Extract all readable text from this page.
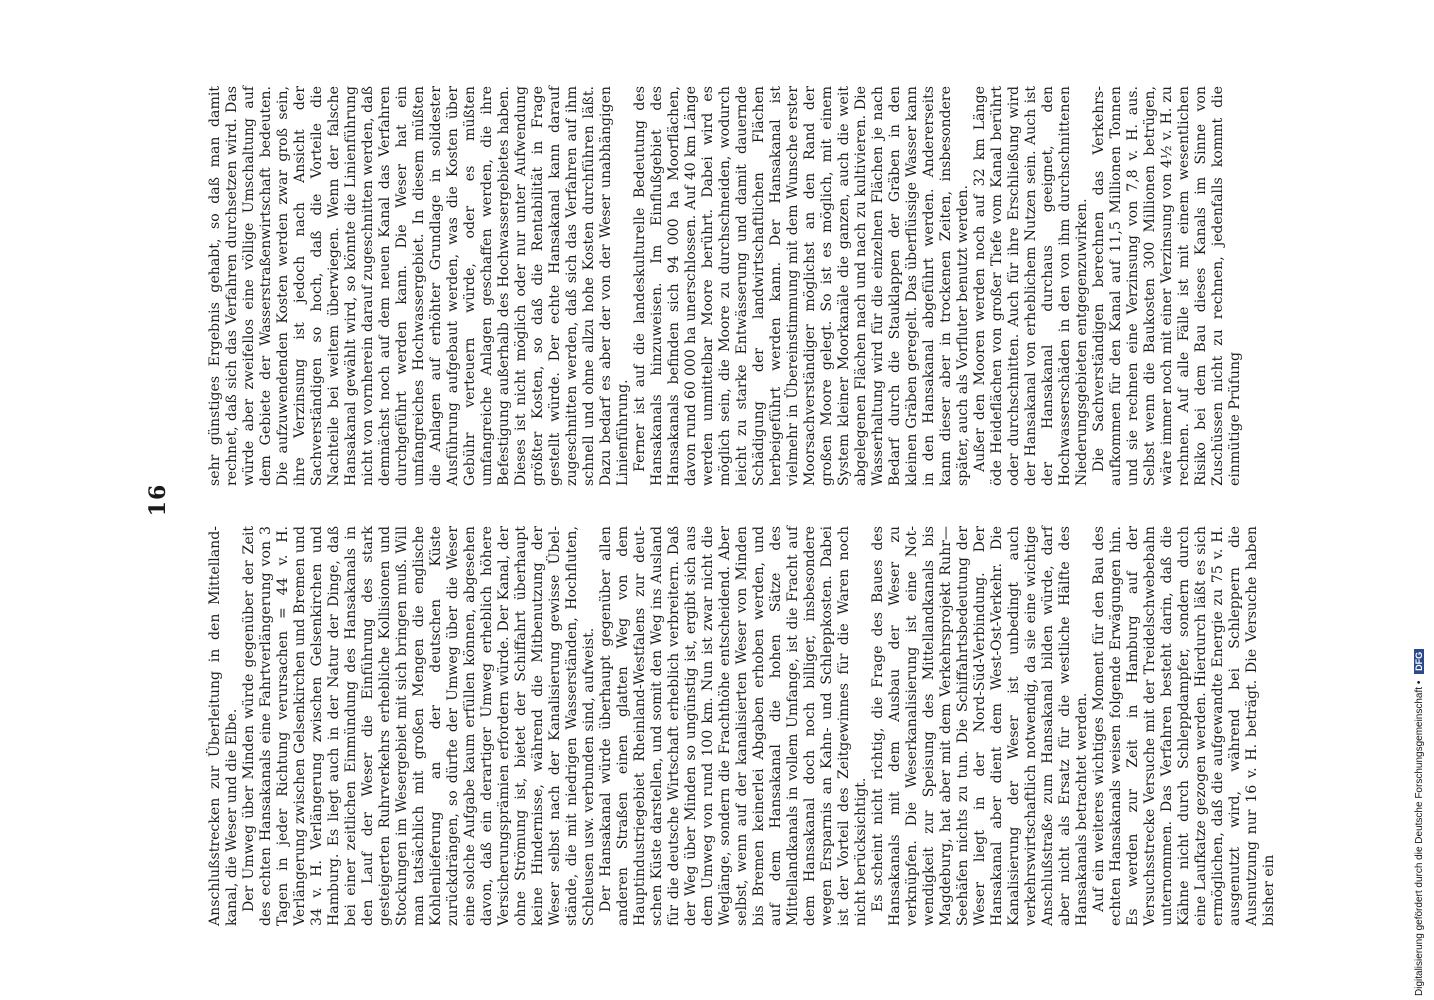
16

Anschlußstrecken zur Überleitung in den Mittellandkanal, die Weser und die Elbe. Der Umweg über Minden würde gegenüber der Zeit des echten Hansakanals eine Fahrtverlängerung von 3 Tagen in jeder Richtung verursachen = 44 v. H. Verlängerung zwischen Gelsenkirchen und Bremen und 34 v. H. Verlängerung zwischen Gelsenkirchen und Hamburg. Es liegt auch in der Natur der Dinge, daß bei einer zeitlichen Einmündung des Hansakanals in den Lauf der Weser die Einführung des stark gesteigerten Ruhrverkehrs erhebliche Kollisionen und Stockungen im Wesergebiet mit sich bringen muß. Will man tatsächlich mit großen Mengen die englische Kohlenlieferung an der deutschen Küste zurückdrängen, so dürfte der Umweg über die Weser eine solche Aufgabe kaum erfüllen können, abgesehen davon, daß ein derartiger Umweg erheblich höhere Versicherungsprämien erfordern würde. Der Kanal, der ohne Strömung ist, bietet der Schiffahrt überhaupt keine Hindernisse, während die Mitbenutzung der Weser selbst nach der Kanalisierung gewisse Übelstände, die mit niedrigen Wasserständen, Hochfluten, Schleusen usw. verbunden sind, aufweist. Der Hansakanal würde überhaupt gegenüber allen anderen Straßen einen glatten Weg von dem Hauptindustriegebiet Rheinland-Westfalens zur deutschen Küste darstellen, und somit den Weg ins Ausland für die deutsche Wirtschaft erheblich verbreitern. Daß der Weg über Minden so ungünstig ist, ergibt sich aus dem Umweg von rund 100 km. Nun ist zwar nicht die Weglänge, sondern die Frachthöhe entscheidend. Aber selbst, wenn auf der kanalisierten Weser von Minden bis Bremen keinerlei Abgaben erhoben werden, und auf dem Hansakanal die hohen Sätze des Mittellandkanals in vollem Umfange, ist die Fracht auf dem Hansakanal doch noch billiger, insbesondere wegen Ersparnis an Kahn- und Schleppkosten. Dabei ist der Vorteil des Zeitgewinnes für die Waren noch nicht berücksichtigt. Es scheint nicht richtig, die Frage des Baues des Hansakanals mit dem Ausbau der Weser zu verknüpfen. Die Weserkanalisierung ist eine Notwendigkeit zur Speisung des Mittellandkanals bis Magdeburg, hat aber mit dem Verkehrsprojekt Ruhr—Seehäfen nichts zu tun. Die Schiffahrtsbedeutung der Weser liegt in der Nord-Süd-Verbindung. Der Hansakanal aber dient dem West-Ost-Verkehr. Die Kanalisierung der Weser ist unbedingt auch verkehrswirtschaftlich notwendig, da sie eine wichtige Anschlußstraße zum Hansakanal bilden würde, darf aber nicht als Ersatz für die westliche Hälfte des Hansakanals betrachtet werden. Auf ein weiteres wichtiges Moment für den Bau des echten Hansakanals weisen folgende Erwägungen hin. Es werden zur Zeit in Hamburg auf der Versuchsstrecke Versuche mit der Treidelschwebebahn unternommen. Das Verfahren besteht darin, daß die Kähne nicht durch Schleppdampfer, sondern durch eine Laufkatze gezogen werden. Hierdurch läßt es sich ermöglichen, daß die aufgewandte Energie zu 75 v. H. ausgenutzt wird, während bei Schleppern die Ausnutzung nur 16 v. H. beträgt. Die Versuche haben bisher ein

sehr günstiges Ergebnis gehabt, so daß man damit rechnet, daß sich das Verfahren durchsetzen wird. Das würde aber zweifellos eine völlige Umschaltung auf dem Gebiete der Wasserstraßenwirtschaft bedeuten. Die aufzuwendenden Kosten werden zwar groß sein, ihre Verzinsung ist jedoch nach Ansicht der Sachverständigen so hoch, daß die Vorteile die Nachteile bei weitem überwiegen. Wenn der falsche Hansakanal gewählt wird, so könnte die Linienführung nicht von vornherein darauf zugeschnitten werden, daß demnächst noch auf dem neuen Kanal das Verfahren durchgeführt werden kann. Die Weser hat ein umfangreiches Hochwassergebiet. In diesem müßten die Anlagen auf erhöhter Grundlage in solidester Ausführung aufgebaut werden, was die Kosten über Gebühr verteuern würde, oder es müßten umfangreiche Anlagen geschaffen werden, die ihre Befestigung außerhalb des Hochwassergebietes haben. Dieses ist nicht möglich oder nur unter Aufwendung größter Kosten, so daß die Rentabilität in Frage gestellt würde. Der echte Hansakanal kann darauf zugeschnitten werden, daß sich das Verfahren auf ihm schnell und ohne allzu hohe Kosten durchführen läßt. Dazu bedarf es aber der von der Weser unabhängigen Linienführung. Ferner ist auf die landeskulturelle Bedeutung des Hansakanals hinzuweisen. Im Einflußgebiet des Hansakanals befinden sich 94 000 ha Moorflächen, davon rund 60 000 ha unerschlossen. Auf 40 km Länge werden unmittelbar Moore berührt. Dabei wird es möglich sein, die Moore zu durchschneiden, wodurch leicht zu starke Entwässerung und damit dauernde Schädigung der landwirtschaftlichen Flächen herbeigeführt werden kann. Der Hansakanal ist vielmehr in Übereinstimmung mit dem Wunsche erster Moorsachverständiger möglichst an den Rand der großen Moore gelegt. So ist es möglich, mit einem System kleiner Moorkanäle die ganzen, auch die weit abgelegenen Flächen nach und nach zu kultivieren. Die Wasserhaltung wird für die einzelnen Flächen je nach Bedarf durch die Stauklappen der Gräben in den kleinen Gräben geregelt. Das überflüssige Wasser kann in den Hansakanal abgeführt werden. Andererseits kann dieser aber in trockenen Zeiten, insbesondere später, auch als Vorfluter benutzt werden. Außer den Mooren werden noch auf 32 km Länge öde Heideflächen von großer Tiefe vom Kanal berührt oder durchschnitten. Auch für ihre Erschließung wird der Hansakanal von erheblichem Nutzen sein. Auch ist der Hansakanal durchaus geeignet, den Hochwasserschäden in den von ihm durchschnittenen Niederungsgebieten entgegenzuwirken. Die Sachverständigen berechnen das Verkehrsaufkommen für den Kanal auf 11,5 Millionen Tonnen und sie rechnen eine Verzinsung von 7,8 v. H. aus. Selbst wenn die Baukosten 300 Millionen betrügen, wäre immer noch mit einer Verzinsung von 4½ v. H. zu rechnen. Auf alle Fälle ist mit einem wesentlichen Risiko bei dem Bau dieses Kanals im Sinne von Zuschüssen nicht zu rechnen, jedenfalls kommt die einmütige Prüfung

Digitalisierung gefördert durch die Deutsche Forschungsgemeinschaft • DFG
